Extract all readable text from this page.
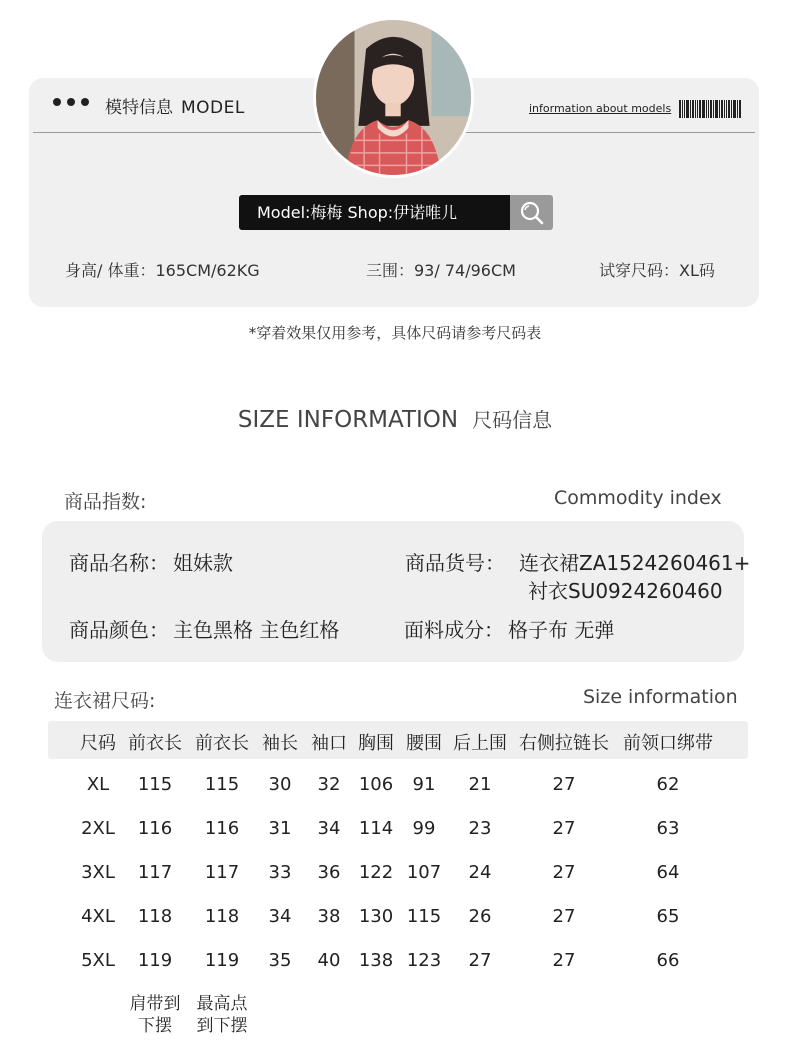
模特信息 MODEL	information about models
Model:梅梅 Shop:伊诺唯儿
身高/ 体重：165CM/62KG	三围：93/ 74/96CM	试穿尺码：XL码
*穿着效果仅用参考，具体尺码请参考尺码表
SIZE INFORMATION 尺码信息
商品指数:	Commodity index
商品名称： 姐妹款	商品货号： 连衣裙ZA1524260461+
衬衣SU0924260460
商品颜色： 主色黑格 主色红格	面料成分： 格子布 无弹
连衣裙尺码:	Size information
尺码 前衣长 前衣长 袖长 袖口 胸围 腰围 后上围 右侧拉链长 前领口绑带
XL 115 115 30 32 106 91 21	27	62
2XL 116 116 31 34 114 99 23	27	63
3XL 117 117 33 36 122 107 24	27	64
4XL 118 118 34 38 130 115 26	27	65
5XL 119 119 35 40 138 123 27	27	66
肩带到
下摆
最高点
到下摆
